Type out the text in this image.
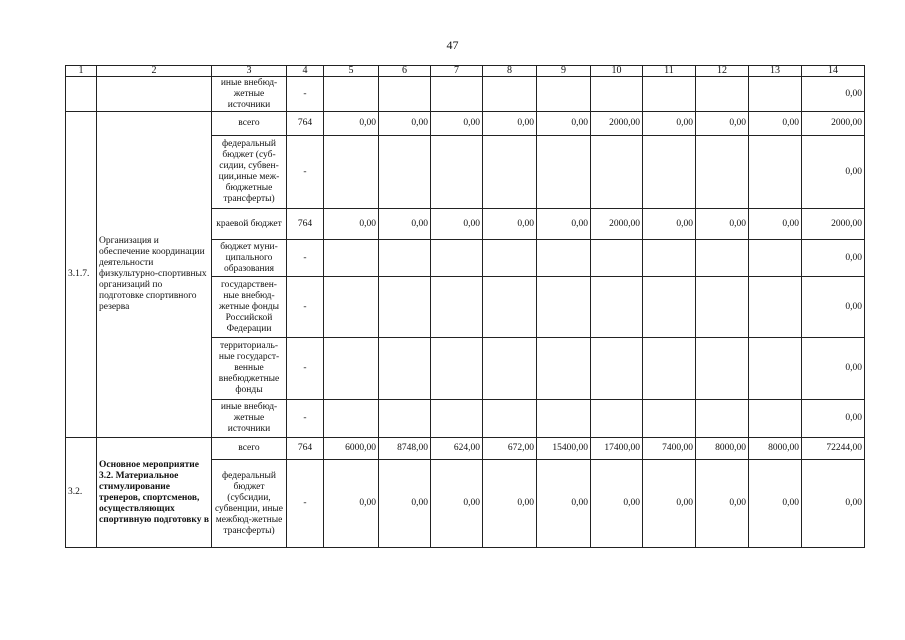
47
1	2	3	4	5	6	7	8	9	10	11	12	13	14
		иные внебюд-жетные источники	-										0,00
3.1.7.	Организация и обеспечение координации деятельности физкультурно-спортивных организаций по подготовке спортивного резерва	всего	764	0,00	0,00	0,00	0,00	0,00	2000,00	0,00	0,00	0,00	2000,00
		федеральный бюджет (суб-сидии, субвен-ции,иные меж-бюджетные трансферты)	-										0,00
		краевой бюджет	764	0,00	0,00	0,00	0,00	0,00	2000,00	0,00	0,00	0,00	2000,00
		бюджет муни-ципального образования	-										0,00
		государствен-ные внебюд-жетные фонды Российской Федерации	-										0,00
		территориаль-ные государст-венные внебюджетные фонды	-										0,00
		иные внебюд-жетные источники	-										0,00
3.2.	Основное мероприятие 3.2. Материальное стимулирование тренеров, спортсменов, осуществляющих спортивную подготовку в	всего	764	6000,00	8748,00	624,00	672,00	15400,00	17400,00	7400,00	8000,00	8000,00	72244,00
		федеральный бюджет (субсидии, субвенции, иные межбюд-жетные трансферты)	-	0,00	0,00	0,00	0,00	0,00	0,00	0,00	0,00	0,00	0,00
